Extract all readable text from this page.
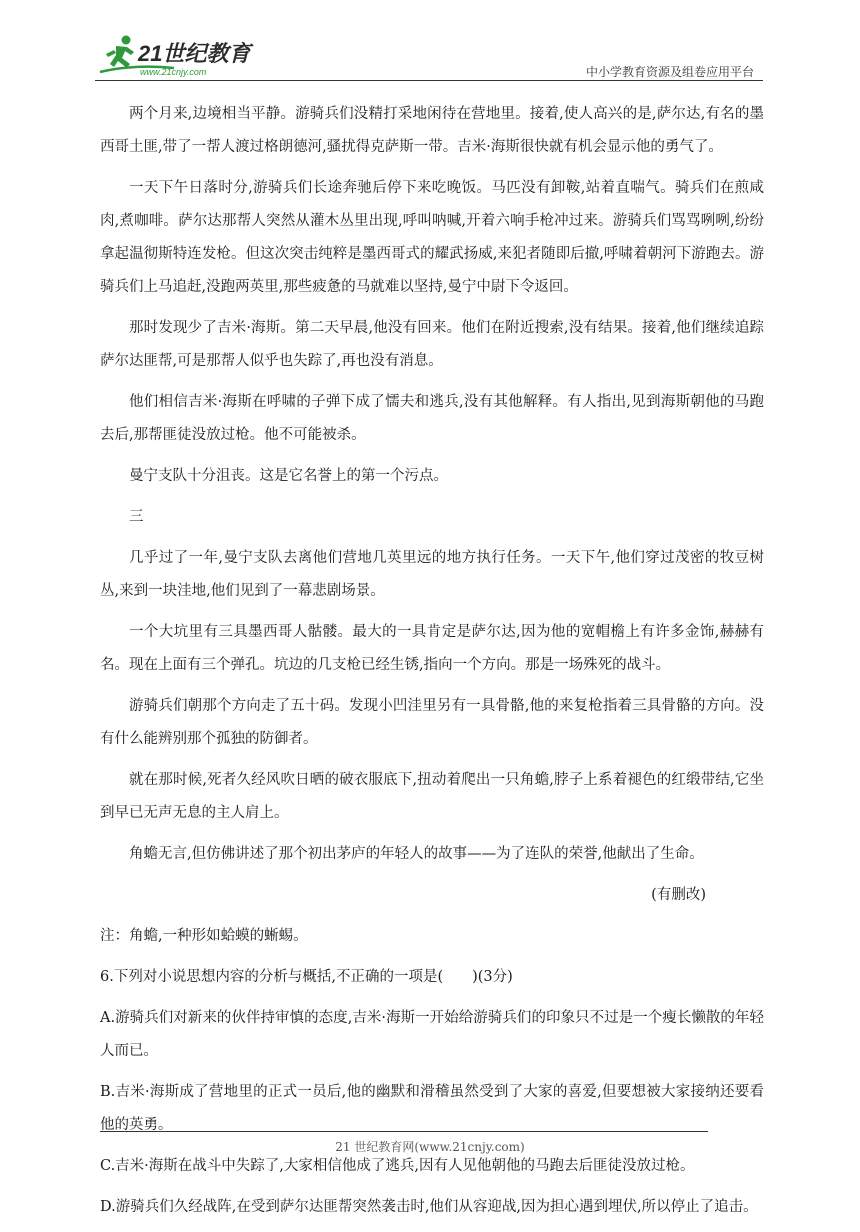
21世纪教育
www.21cnjy.com	中小学教育资源及组卷应用平台

两个月来,边境相当平静。游骑兵们没精打采地闲待在营地里。接着,使人高兴的是,萨尔达,有名的墨西哥土匪,带了一帮人渡过格朗德河,骚扰得克萨斯一带。吉米·海斯很快就有机会显示他的勇气了。

一天下午日落时分,游骑兵们长途奔驰后停下来吃晚饭。马匹没有卸鞍,站着直喘气。骑兵们在煎咸肉,煮咖啡。萨尔达那帮人突然从灌木丛里出现,呼叫呐喊,开着六响手枪冲过来。游骑兵们骂骂咧咧,纷纷拿起温彻斯特连发枪。但这次突击纯粹是墨西哥式的耀武扬威,来犯者随即后撤,呼啸着朝河下游跑去。游骑兵们上马追赶,没跑两英里,那些疲惫的马就难以坚持,曼宁中尉下令返回。

那时发现少了吉米·海斯。第二天早晨,他没有回来。他们在附近搜索,没有结果。接着,他们继续追踪萨尔达匪帮,可是那帮人似乎也失踪了,再也没有消息。

他们相信吉米·海斯在呼啸的子弹下成了懦夫和逃兵,没有其他解释。有人指出,见到海斯朝他的马跑去后,那帮匪徒没放过枪。他不可能被杀。

曼宁支队十分沮丧。这是它名誉上的第一个污点。

三

几乎过了一年,曼宁支队去离他们营地几英里远的地方执行任务。一天下午,他们穿过茂密的牧豆树丛,来到一块洼地,他们见到了一幕悲剧场景。

一个大坑里有三具墨西哥人骷髅。最大的一具肯定是萨尔达,因为他的宽帽檐上有许多金饰,赫赫有名。现在上面有三个弹孔。坑边的几支枪已经生锈,指向一个方向。那是一场殊死的战斗。

游骑兵们朝那个方向走了五十码。发现小凹洼里另有一具骨骼,他的来复枪指着三具骨骼的方向。没有什么能辨别那个孤独的防御者。

就在那时候,死者久经风吹日晒的破衣服底下,扭动着爬出一只角蟾,脖子上系着褪色的红缎带结,它坐到早已无声无息的主人肩上。

角蟾无言,但仿佛讲述了那个初出茅庐的年轻人的故事——为了连队的荣誉,他献出了生命。

(有删改)

注：角蟾,一种形如蛤蟆的蜥蜴。

6.下列对小说思想内容的分析与概括,不正确的一项是(　　)(3分)

A.游骑兵们对新来的伙伴持审慎的态度,吉米·海斯一开始给游骑兵们的印象只不过是一个瘦长懒散的年轻人而已。

B.吉米·海斯成了营地里的正式一员后,他的幽默和滑稽虽然受到了大家的喜爱,但要想被大家接纳还要看他的英勇。

C.吉米·海斯在战斗中失踪了,大家相信他成了逃兵,因有人见他朝他的马跑去后匪徒没放过枪。

D.游骑兵们久经战阵,在受到萨尔达匪帮突然袭击时,他们从容迎战,因为担心遇到埋伏,所以停止了追击。

21 世纪教育网(www.21cnjy.com)
